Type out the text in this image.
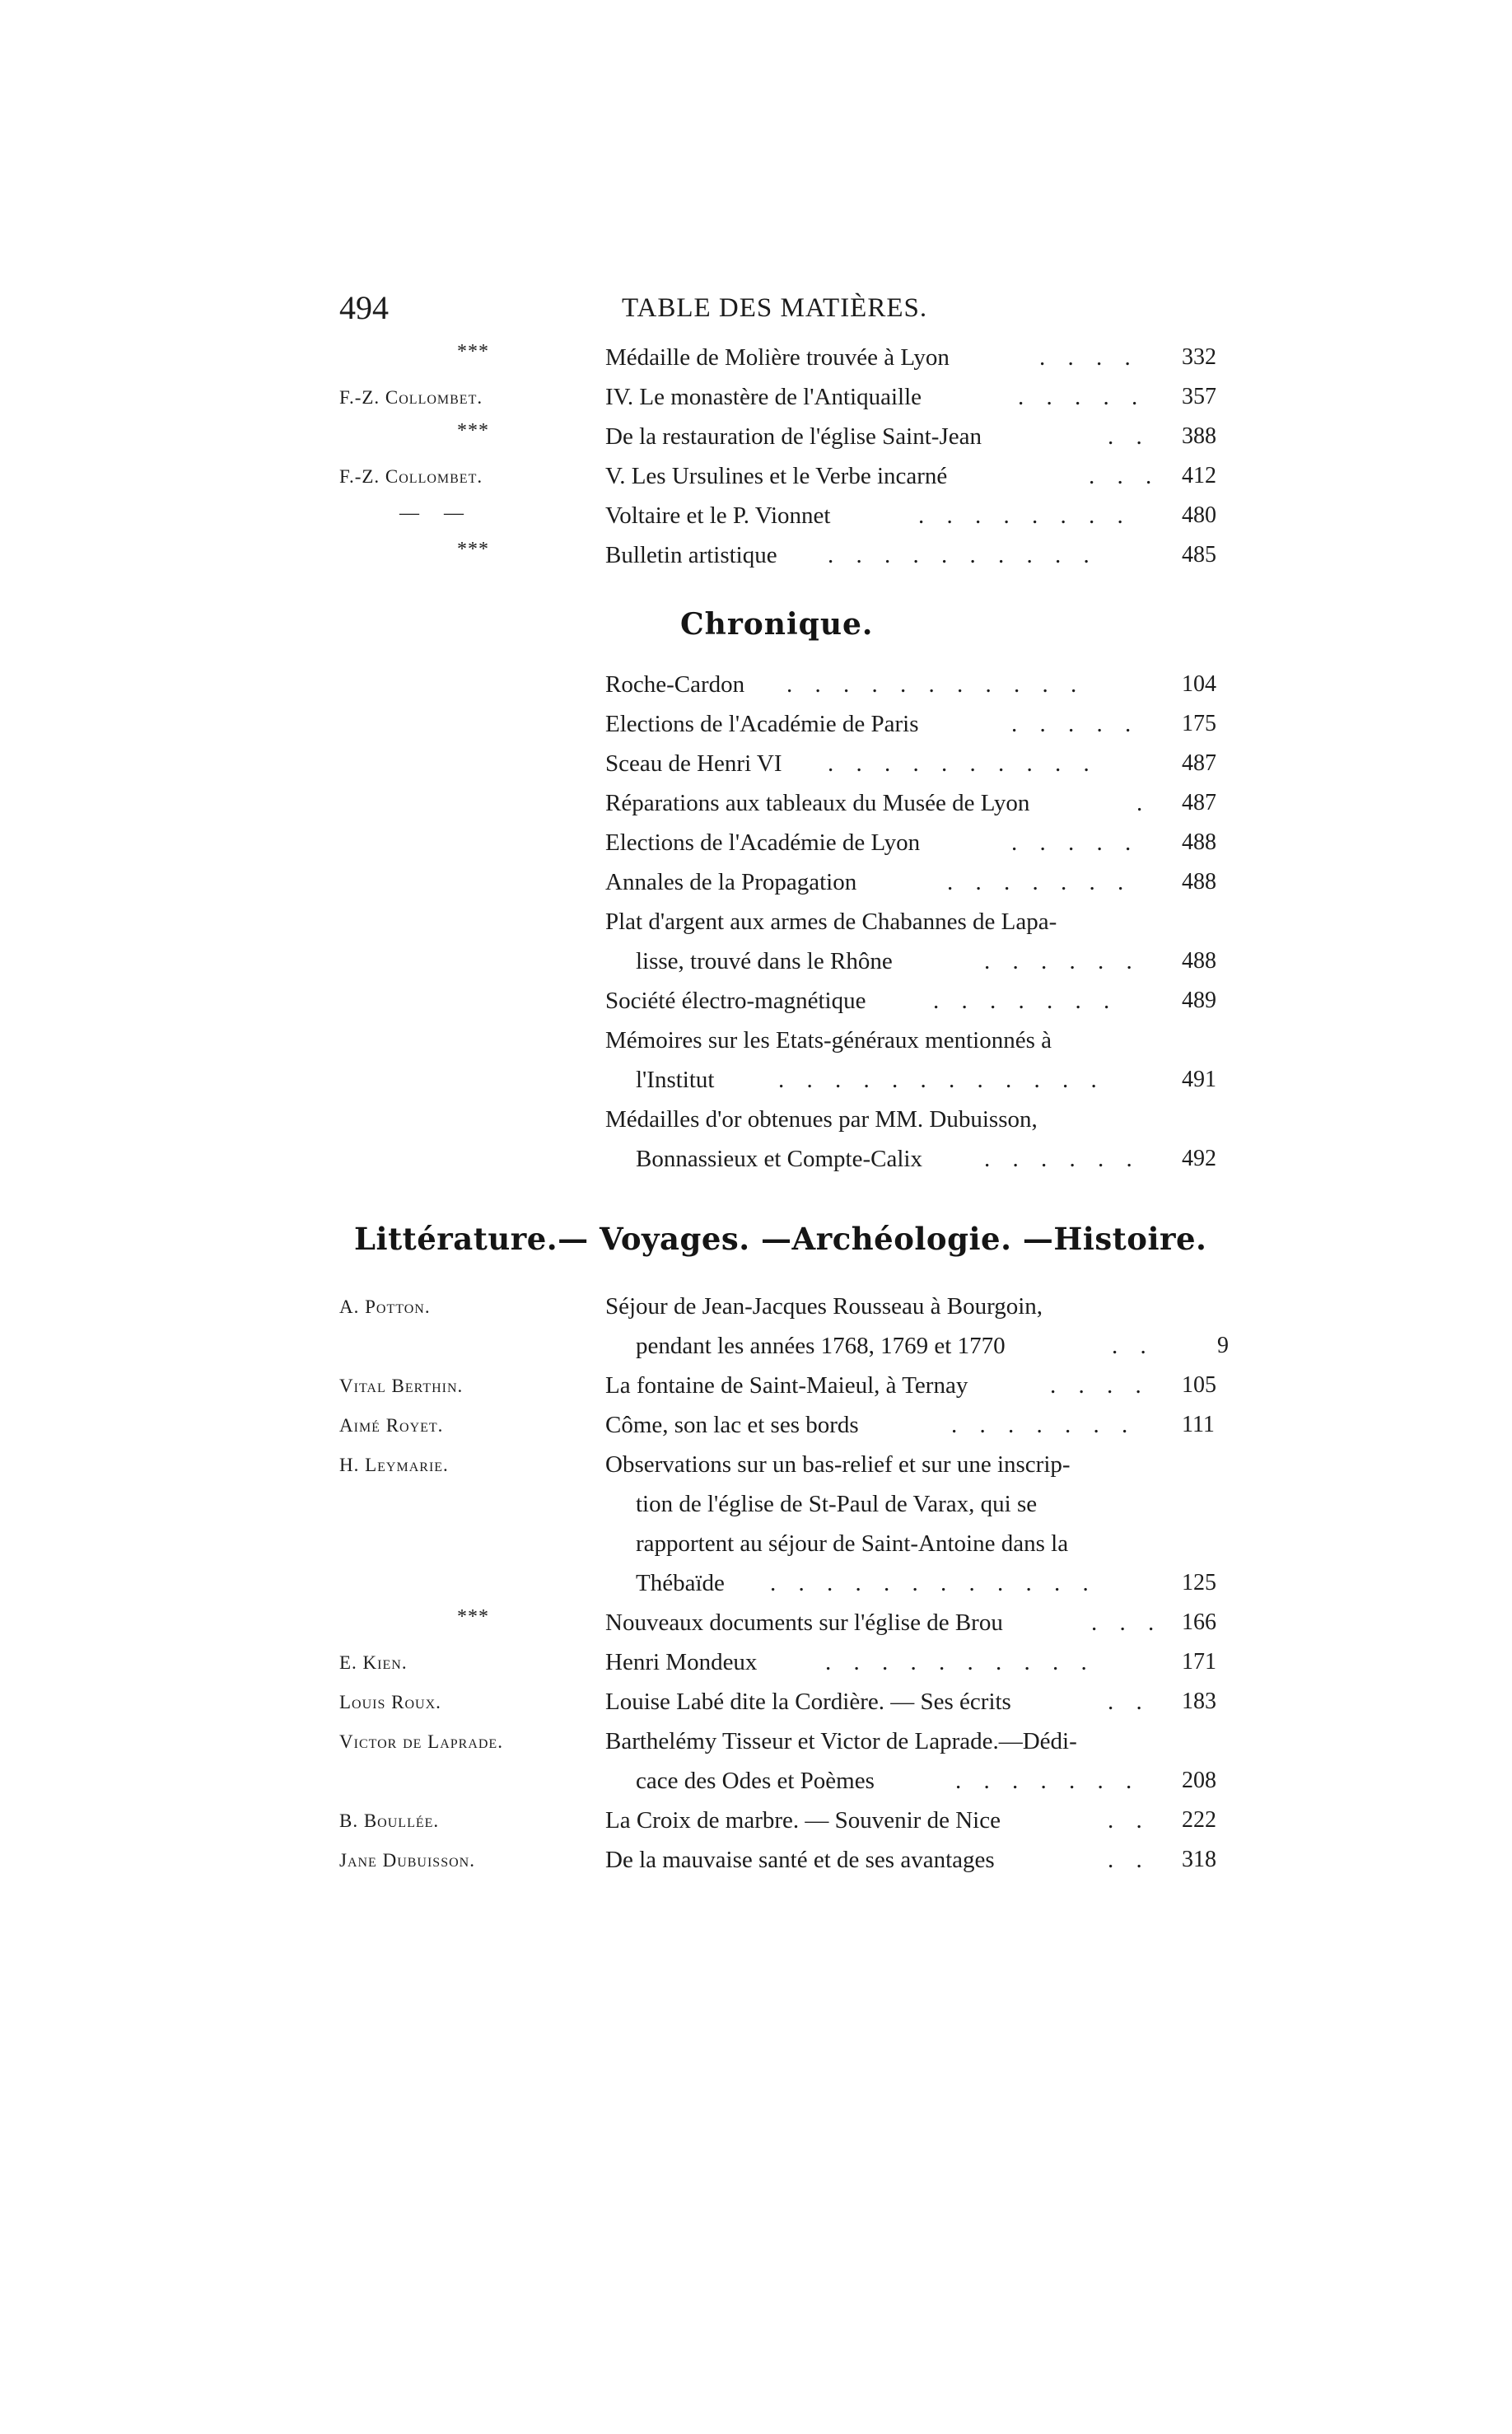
494	TABLE DES MATIÈRES.
***	Médaille de Molière trouvée à Lyon	. . . .	332
F.-Z. Collombet.	IV. Le monastère de l'Antiquaille	. . . . .	357
***	De la restauration de l'église Saint-Jean	. .	388
F.-Z. Collombet.	V. Les Ursulines et le Verbe incarné	. . . 412
— —	Voltaire et le P. Vionnet	. . . . . . . .	480
***	Bulletin artistique . . . . . . . . . .	485
Chronique.
Roche-Cardon . . . . . . . . . . .	104
Elections de l'Académie de Paris	. . . . .	175
Sceau de Henri VI . . . . . . . . . .	487
Réparations aux tableaux du Musée de Lyon	.	487
Elections de l'Académie de Lyon	. . . . .	488
Annales de la Propagation	. . . . . . .	488
Plat d'argent aux armes de Chabannes de Lapa-
lisse, trouvé dans le Rhône	. . . . . .	488
Société électro-magnétique	. . . . . . .	489
Mémoires sur les Etats-généraux mentionnés à
l'Institut	. . . . . . . . . . . .	491
Médailles d'or obtenues par MM. Dubuisson,
Bonnassieux et Compte-Calix	. . . . . .	492
Littérature.— Voyages. —Archéologie. —Histoire.
A. Potton.	Séjour de Jean-Jacques Rousseau à Bourgoin,
pendant les années 1768, 1769 et 1770	. .	9
Vital Berthin.	La fontaine de Saint-Maieul, à Ternay	. . . .	105
Aimé Royet.	Côme, son lac et ses bords	. . . . . . .	111
H. Leymarie.	Observations sur un bas-relief et sur une inscrip-
tion de l'église de St-Paul de Varax, qui se
rapportent au séjour de Saint-Antoine dans la
Thébaïde . . . . . . . . . . . .	125
***	Nouveaux documents sur l'église de Brou	. . . 166
E. Kien.	Henri Mondeux	. . . . . . . . . .	171
Louis Roux.	Louise Labé dite la Cordière. — Ses écrits	. .	183
Victor de Laprade.	Barthelémy Tisseur et Victor de Laprade.—Dédi-
cace des Odes et Poèmes	. . . . . . .	208
B. Boullée.	La Croix de marbre. — Souvenir de Nice	. .	222
Jane Dubuisson.	De la mauvaise santé et de ses avantages	. .	318
